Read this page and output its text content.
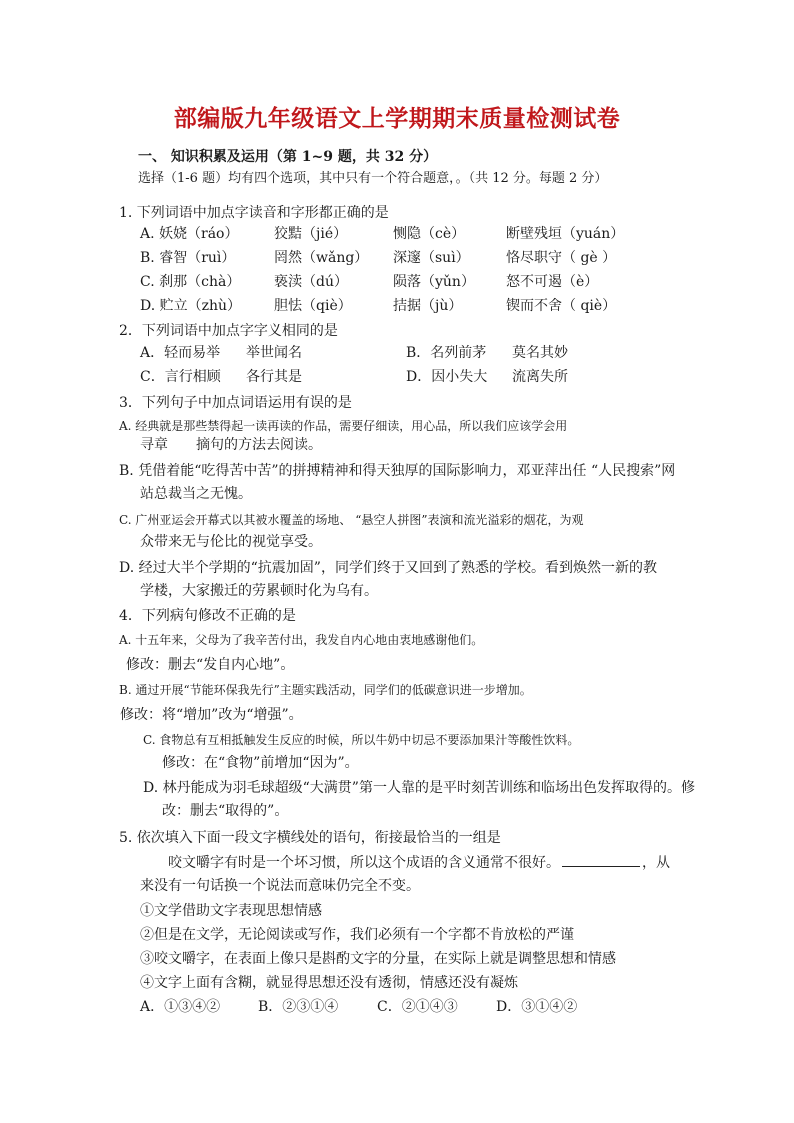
部编版九年级语文上学期期末质量检测试卷
一、 知识积累及运用（第 1~9 题，共 32 分）
选择（1-6 题）均有四个选项，其中只有一个符合题意，。（共 12 分。每题 2 分）
1. 下列词语中加点字读音和字形都正确的是
A. 妖娆（ráo）	狡黠（jié）	恻隐（cè）	断壁残垣（yuán）
B. 睿智（ruì）	罔然（wǎng） 深邃（suì）	恪尽职守（ gè ）
C. 刹那（chà） 亵渎（dú）	陨落（yǔn） 怒不可遏（è）
D. 贮立（zhù） 胆怯（qiè）	拮据（jù）	锲而不舍（ qiè）
2．下列词语中加点字字义相同的是
A．轻而易举 举世闻名	B．名列前茅 莫名其妙
C．言行相顾 各行其是	D．因小失大 流离失所
3．下列句子中加点词语运用有误的是
A. 经典就是那些禁得起一读再读的作品，需要仔细读，用心品，所以我们应该学会用
寻章　　摘句的方法去阅读。
B. 凭借着能“吃得苦中苦”的拼搏精神和得天独厚的国际影响力，邓亚萍出任 “人民搜索”网
站总裁当之无愧。
C. 广州亚运会开幕式以其被水覆盖的场地、 “悬空人拼图”表演和流光溢彩的烟花，为观
众带来无与伦比的视觉享受。
D. 经过大半个学期的“抗震加固”，同学们终于又回到了熟悉的学校。看到焕然一新的教
学楼，大家搬迁的劳累顿时化为乌有。
4．下列病句修改不正确的是
A. 十五年来，父母为了我辛苦付出，我发自内心地由衷地感谢他们。
修改：删去“发自内心地”。
B. 通过开展“节能环保我先行”主题实践活动，同学们的低碳意识进一步增加。
修改：将“增加”改为“增强”。
C. 食物总有互相抵触发生反应的时候，所以牛奶中切忌不要添加果汁等酸性饮料。
修改：在“食物”前增加“因为”。
D. 林丹能成为羽毛球超级“大满贯”第一人靠的是平时刻苦训练和临场出色发挥取得的。修
改：删去“取得的”。
5. 依次填入下面一段文字横线处的语句，衔接最恰当的一组是
咬文嚼字有时是一个坏习惯，所以这个成语的含义通常不很好。	，从
来没有一句话换一个说法而意味仍完全不变。
①文学借助文字表现思想情感
②但是在文学，无论阅读或写作，我们必须有一个字都不肯放松的严谨
③咬文嚼字，在表面上像只是斟酌文字的分量，在实际上就是调整思想和情感
④文字上面有含糊，就显得思想还没有透彻，情感还没有凝炼
A．①③④②	B．②③①④	C．②①④③	D．③①④②
